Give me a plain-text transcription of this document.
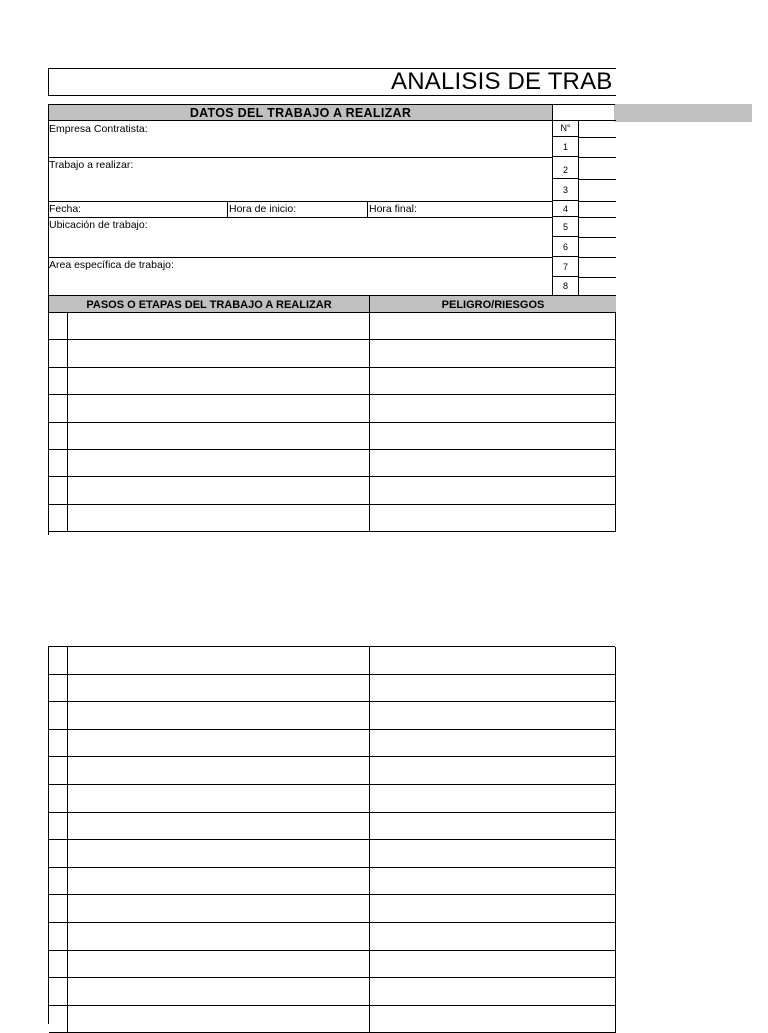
ANALISIS DE TRAB
DATOS DEL TRABAJO A REALIZAR
Empresa Contratista:
Trabajo a realizar:
Fecha:	Hora de inicio:	Hora final:
Ubicación de trabajo:
Area específica de trabajo:
N°
1
2
3
4
5
6
7
8
PASOS O ETAPAS DEL TRABAJO A REALIZAR	PELIGRO/RIESGOS
